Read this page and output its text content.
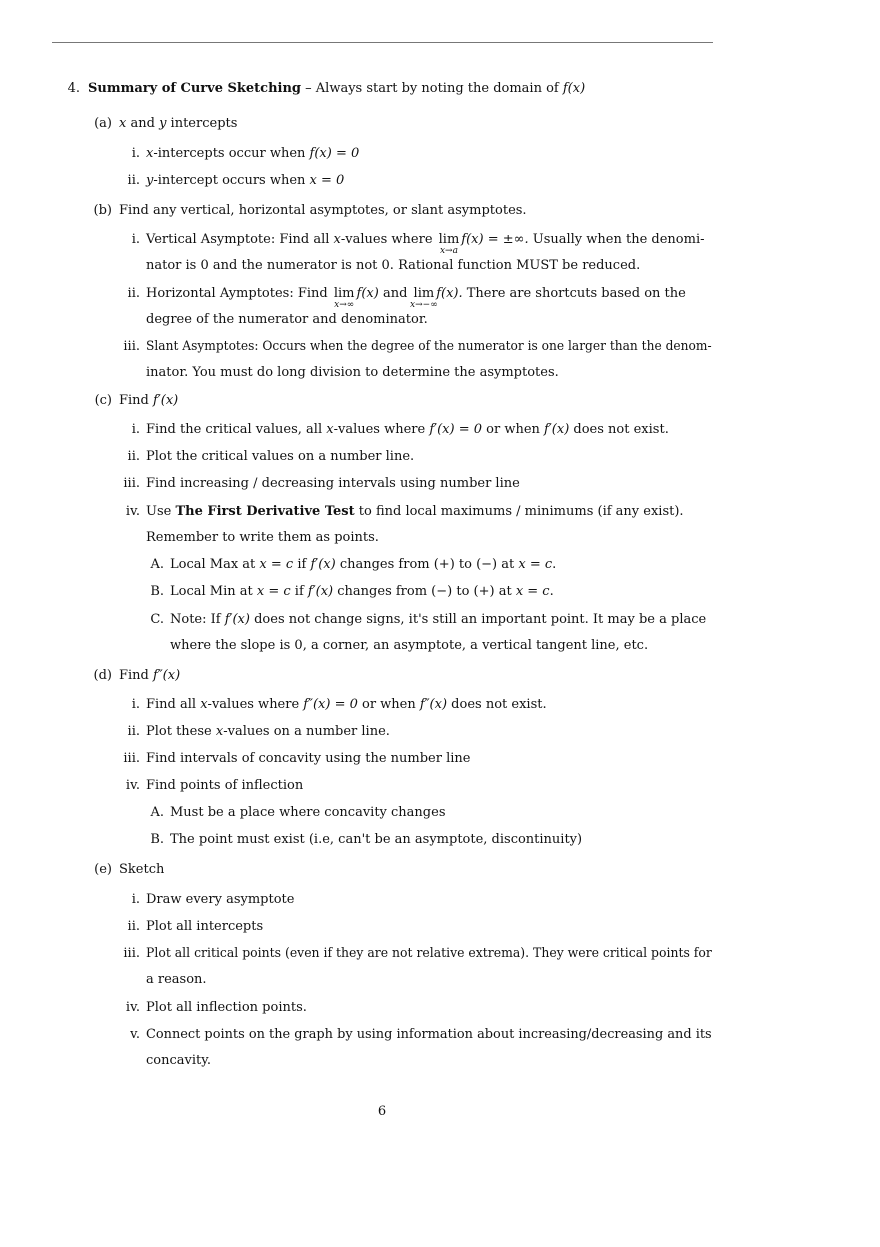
4. Summary of Curve Sketching – Always start by noting the domain of f(x)
(a) x and y intercepts
i. x-intercepts occur when f(x) = 0
ii. y-intercept occurs when x = 0
(b) Find any vertical, horizontal asymptotes, or slant asymptotes.
i. Vertical Asymptote: Find all x-values where lim
x→a
f(x) = ±∞. Usually when the denomi-
nator is 0 and the numerator is not 0. Rational function MUST be reduced.
ii. Horizontal Aymptotes: Find lim
x→∞
f(x) and lim
x→−∞
f(x). There are shortcuts based on the
degree of the numerator and denominator.
iii. Slant Asymptotes: Occurs when the degree of the numerator is one larger than the denom-
inator. You must do long division to determine the asymptotes.
(c) Find f′(x)
i. Find the critical values, all x-values where f′(x) = 0 or when f′(x) does not exist.
ii. Plot the critical values on a number line.
iii. Find increasing / decreasing intervals using number line
iv. Use The First Derivative Test to find local maximums / minimums (if any exist).
Remember to write them as points.
A. Local Max at x = c if f′(x) changes from (+) to (−) at x = c.
B. Local Min at x = c if f′(x) changes from (−) to (+) at x = c.
C. Note: If f′(x) does not change signs, it's still an important point. It may be a place
where the slope is 0, a corner, an asymptote, a vertical tangent line, etc.
(d) Find f″(x)
i. Find all x-values where f″(x) = 0 or when f″(x) does not exist.
ii. Plot these x-values on a number line.
iii. Find intervals of concavity using the number line
iv. Find points of inflection
A. Must be a place where concavity changes
B. The point must exist (i.e, can't be an asymptote, discontinuity)
(e) Sketch
i. Draw every asymptote
ii. Plot all intercepts
iii. Plot all critical points (even if they are not relative extrema). They were critical points for
a reason.
iv. Plot all inflection points.
v. Connect points on the graph by using information about increasing/decreasing and its
concavity.
6
